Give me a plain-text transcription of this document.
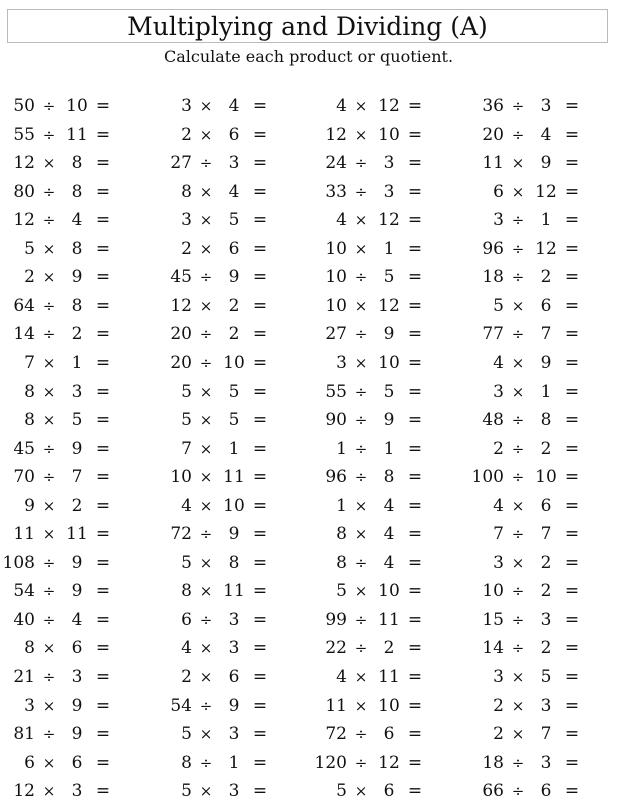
Multiplying and Dividing (A)
Calculate each product or quotient.
50 ÷ 10 =
55 ÷ 11 =
12 × 8 =
80 ÷ 8 =
12 ÷ 4 =
5 × 8 =
2 × 9 =
64 ÷ 8 =
14 ÷ 2 =
7 × 1 =
8 × 3 =
8 × 5 =
45 ÷ 9 =
70 ÷ 7 =
9 × 2 =
11 × 11 =
108 ÷ 9 =
54 ÷ 9 =
40 ÷ 4 =
8 × 6 =
21 ÷ 3 =
3 × 9 =
81 ÷ 9 =
6 × 6 =
12 × 3 =
3 × 4 =
2 × 6 =
27 ÷ 3 =
8 × 4 =
3 × 5 =
2 × 6 =
45 ÷ 9 =
12 × 2 =
20 ÷ 2 =
20 ÷ 10 =
5 × 5 =
5 × 5 =
7 × 1 =
10 × 11 =
4 × 10 =
72 ÷ 9 =
5 × 8 =
8 × 11 =
6 ÷ 3 =
4 × 3 =
2 × 6 =
54 ÷ 9 =
5 × 3 =
8 ÷ 1 =
5 × 3 =
4 × 12 =
12 × 10 =
24 ÷ 3 =
33 ÷ 3 =
4 × 12 =
10 × 1 =
10 ÷ 5 =
10 × 12 =
27 ÷ 9 =
3 × 10 =
55 ÷ 5 =
90 ÷ 9 =
1 ÷ 1 =
96 ÷ 8 =
1 × 4 =
8 × 4 =
8 ÷ 4 =
5 × 10 =
99 ÷ 11 =
22 ÷ 2 =
4 × 11 =
11 × 10 =
72 ÷ 6 =
120 ÷ 12 =
5 × 6 =
36 ÷ 3 =
20 ÷ 4 =
11 × 9 =
6 × 12 =
3 ÷ 1 =
96 ÷ 12 =
18 ÷ 2 =
5 × 6 =
77 ÷ 7 =
4 × 9 =
3 × 1 =
48 ÷ 8 =
2 ÷ 2 =
100 ÷ 10 =
4 × 6 =
7 ÷ 7 =
3 × 2 =
10 ÷ 2 =
15 ÷ 3 =
14 ÷ 2 =
3 × 5 =
2 × 3 =
2 × 7 =
18 ÷ 3 =
66 ÷ 6 =
